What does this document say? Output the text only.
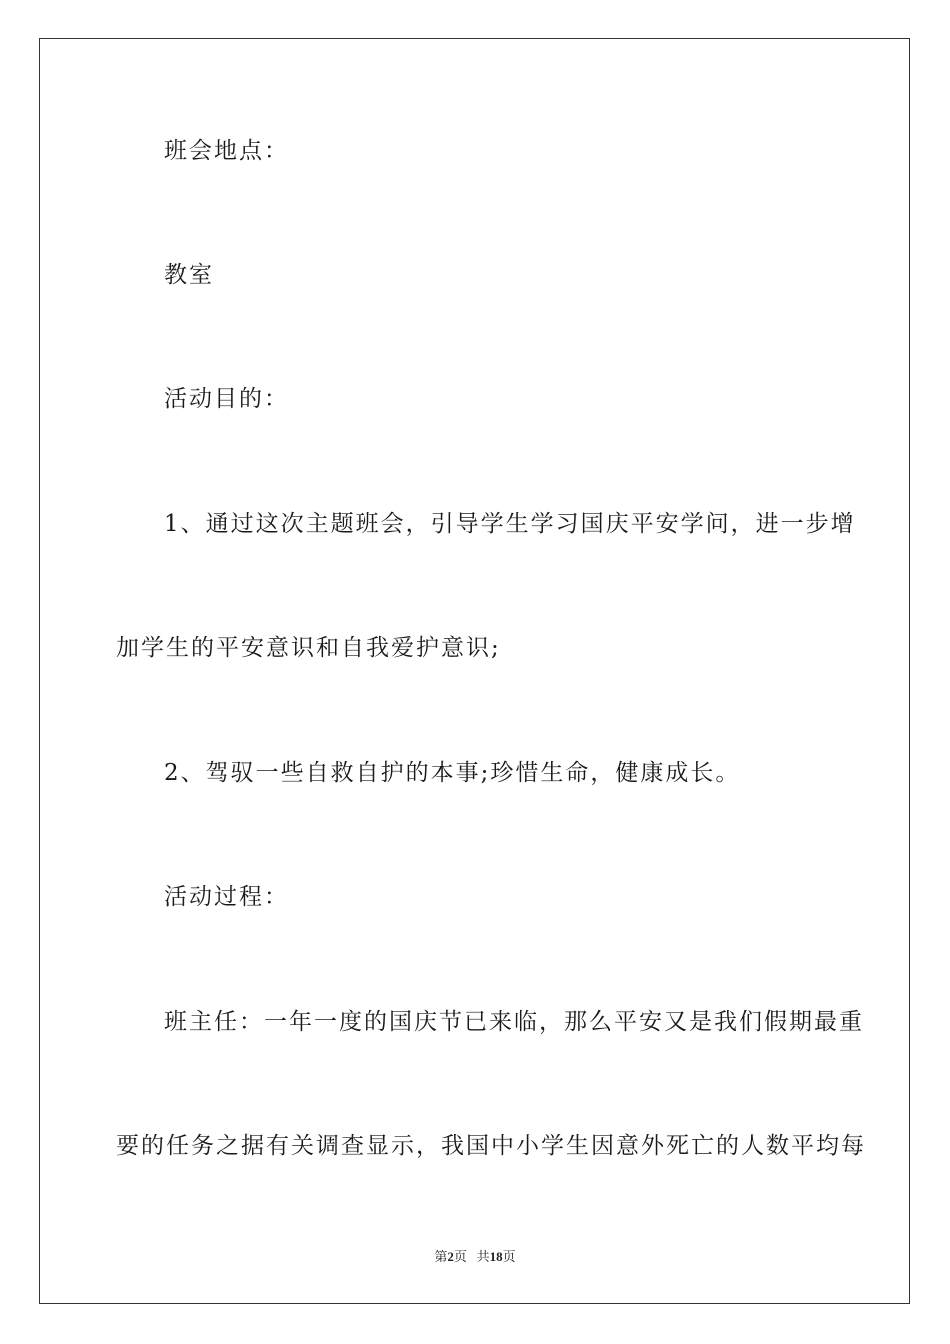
班会地点：
教室
活动目的：
1、通过这次主题班会，引导学生学习国庆平安学问，进一步增
加学生的平安意识和自我爱护意识;
2、驾驭一些自救自护的本事;珍惜生命，健康成长。
活动过程：
班主任：一年一度的国庆节已来临，那么平安又是我们假期最重
要的任务之据有关调查显示，我国中小学生因意外死亡的人数平均每
第2页 共18页
